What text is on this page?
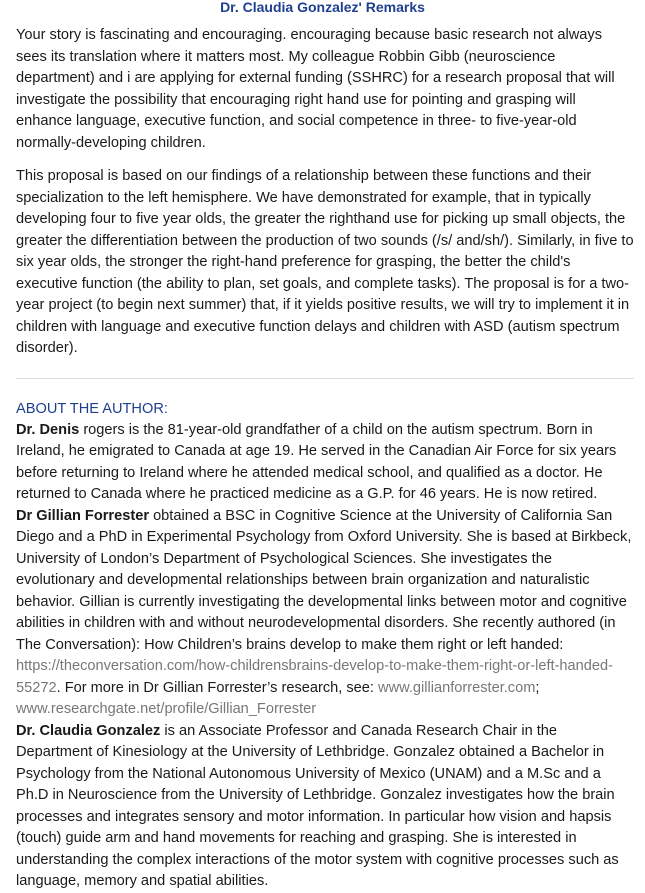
Dr. Claudia Gonzalez' Remarks

Your story is fascinating and encouraging. encouraging because basic research not always sees its translation where it matters most. My colleague Robbin Gibb (neuroscience department) and i are applying for external funding (SSHRC) for a research proposal that will investigate the possibility that encouraging right hand use for pointing and grasping will enhance language, executive function, and social competence in three- to five-year-old normally-developing children.

This proposal is based on our findings of a relationship between these functions and their specialization to the left hemisphere. We have demonstrated for example, that in typically developing four to five year olds, the greater the righthand use for picking up small objects, the greater the differentiation between the production of two sounds (/s/ and/sh/). Similarly, in five to six year olds, the stronger the right-hand preference for grasping, the better the child's executive function (the ability to plan, set goals, and complete tasks). The proposal is for a two-year project (to begin next summer) that, if it yields positive results, we will try to implement it in children with language and executive function delays and children with ASD (autism spectrum disorder).

ABOUT THE AUTHOR:

Dr. Denis rogers is the 81-year-old grandfather of a child on the autism spectrum. Born in Ireland, he emigrated to Canada at age 19. He served in the Canadian Air Force for six years before returning to Ireland where he attended medical school, and qualified as a doctor. He returned to Canada where he practiced medicine as a G.P. for 46 years. He is now retired.

Dr Gillian Forrester obtained a BSC in Cognitive Science at the University of California San Diego and a PhD in Experimental Psychology from Oxford University. She is based at Birkbeck, University of London’s Department of Psychological Sciences. She investigates the evolutionary and developmental relationships between brain organization and naturalistic behavior. Gillian is currently investigating the developmental links between motor and cognitive abilities in children with and without neurodevelopmental disorders. She recently authored (in The Conversation): How Children’s brains develop to make them right or left handed: https://theconversation.com/how-childrensbrains-develop-to-make-them-right-or-left-handed-55272. For more in Dr Gillian Forrester’s research, see: www.gillianforrester.com; www.researchgate.net/profile/Gillian_Forrester

Dr. Claudia Gonzalez is an Associate Professor and Canada Research Chair in the Department of Kinesiology at the University of Lethbridge. Gonzalez obtained a Bachelor in Psychology from the National Autonomous University of Mexico (UNAM) and a M.Sc and a Ph.D in Neuroscience from the University of Lethbridge. Gonzalez investigates how the brain processes and integrates sensory and motor information. In particular how vision and hapsis (touch) guide arm and hand movements for reaching and grasping. She is interested in understanding the complex interactions of the motor system with cognitive processes such as language, memory and spatial abilities.
